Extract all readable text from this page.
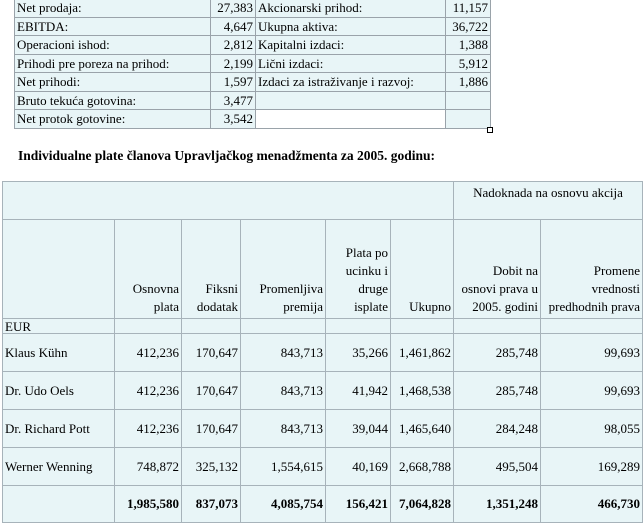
Net prodaja:	27,383	Akcionarski prihod:	11,157
EBITDA:	4,647	Ukupna aktiva:	36,722
Operacioni ishod:	2,812	Kapitalni izdaci:	1,388
Prihodi pre poreza na prihod:	2,199	Lični izdaci:	5,912
Net prihodi:	1,597	Izdaci za istraživanje i razvoj:	1,886
Bruto tekuća gotovina:	3,477		
Net protok gotovine:	3,542		
Individualne plate članova Upravljačkog menadžmenta za 2005. godinu:
						Nadoknada na osnovu akcija	
	Osnovna plata	Fiksni dodatak	Promenljiva premija	Plata po ucinku i druge isplate	Ukupno	Dobit na osnovi prava u 2005. godini	Promene vrednosti predhodnih prava
EUR							
Klaus Kühn	412,236	170,647	843,713	35,266	1,461,862	285,748	99,693
Dr. Udo Oels	412,236	170,647	843,713	41,942	1,468,538	285,748	99,693
Dr. Richard Pott	412,236	170,647	843,713	39,044	1,465,640	284,248	98,055
Werner Wenning	748,872	325,132	1,554,615	40,169	2,668,788	495,504	169,289
	1,985,580	837,073	4,085,754	156,421	7,064,828	1,351,248	466,730
